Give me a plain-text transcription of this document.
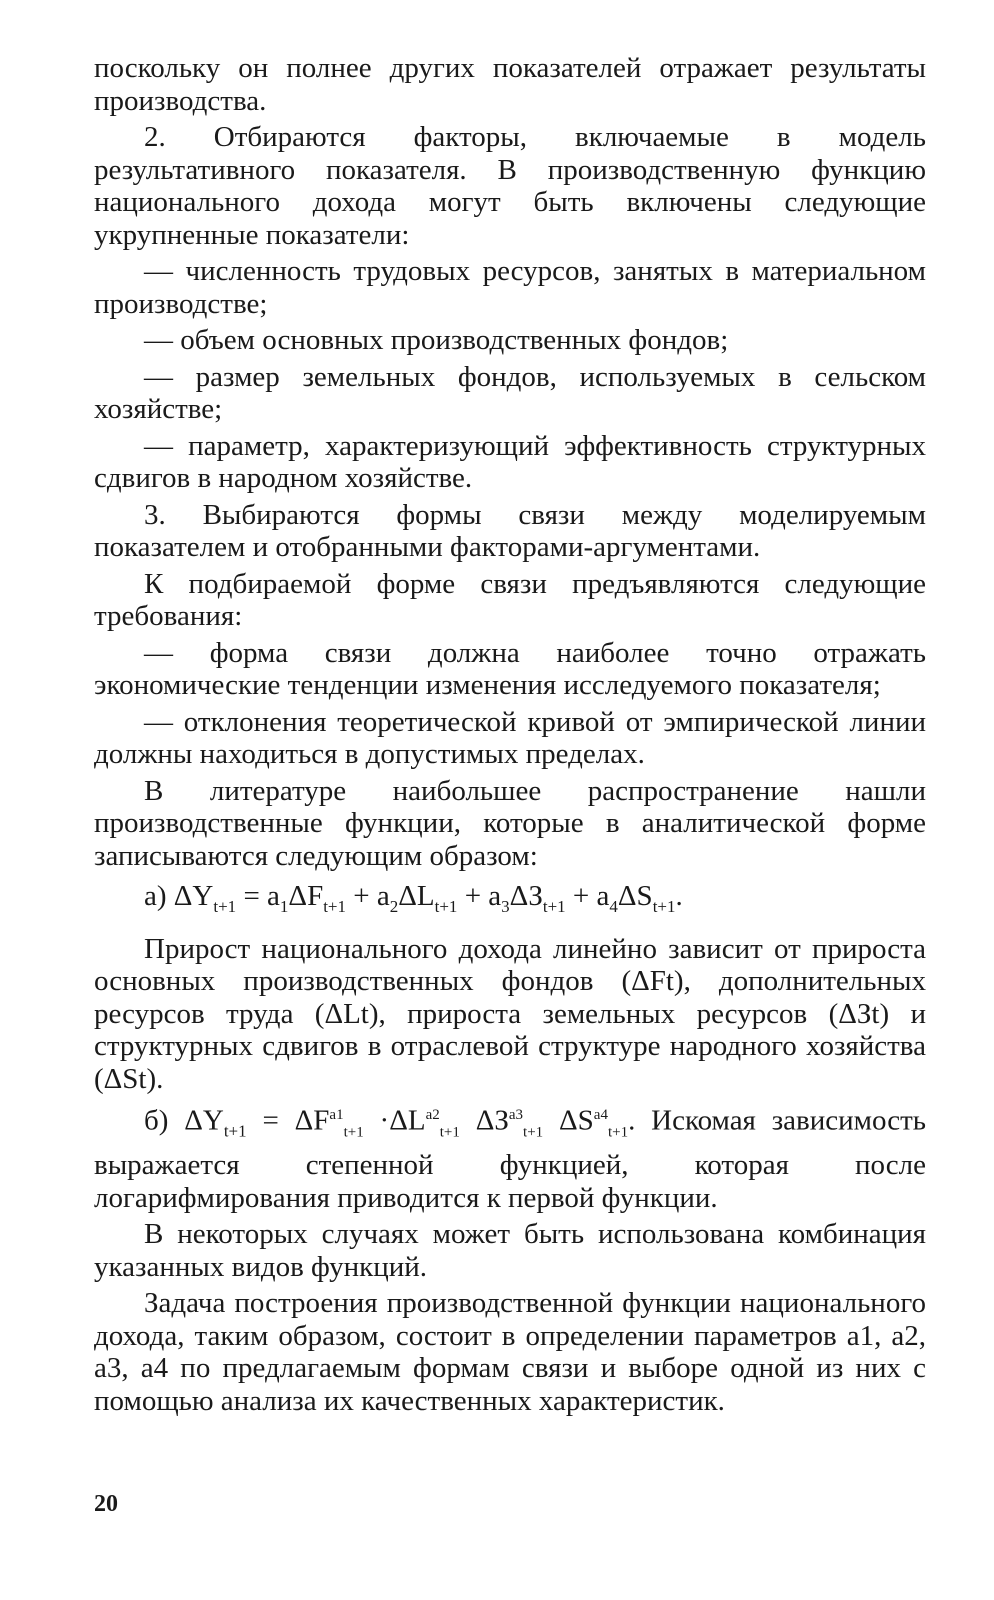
поскольку он полнее других показателей отражает результаты производства.

2. Отбираются факторы, включаемые в модель результативного показателя. В производственную функцию национального дохода могут быть включены следующие укрупненные показатели:

— численность трудовых ресурсов, занятых в материальном производстве;

— объем основных производственных фондов;

— размер земельных фондов, используемых в сельском хозяйстве;

— параметр, характеризующий эффективность структурных сдвигов в народном хозяйстве.

3. Выбираются формы связи между моделируемым показателем и отобранными факторами-аргументами.

К подбираемой форме связи предъявляются следующие требования:

— форма связи должна наиболее точно отражать экономические тенденции изменения исследуемого показателя;

— отклонения теоретической кривой от эмпирической линии должны находиться в допустимых пределах.

В литературе наибольшее распространение нашли производственные функции, которые в аналитической форме записываются следующим образом:

а) $\Delta Y_{t+1} = a_1\Delta F_{t+1} + a_2\Delta L_{t+1} + a_3\Delta З_{t+1} + a_4\Delta S_{t+1}$.

Прирост национального дохода линейно зависит от прироста основных производственных фондов (ΔFt), дополнительных ресурсов труда (ΔLt), прироста земельных ресурсов (ΔЗt) и структурных сдвигов в отраслевой структуре народного хозяйства (ΔSt).

б) $\Delta Y_{t+1} = \Delta F^{a1}_{t+1} \cdot\Delta L^{a2}_{t+1}$ $\Delta З^{a3}_{t+1}$ $\Delta S^{a4}_{t+1}$. Искомая зависимость выражается степенной функцией, которая после логарифмирования приводится к первой функции.

В некоторых случаях может быть использована комбинация указанных видов функций.

Задача построения производственной функции национального дохода, таким образом, состоит в определении параметров a1, a2, a3, a4 по предлагаемым формам связи и выборе одной из них с помощью анализа их качественных характеристик.

20
